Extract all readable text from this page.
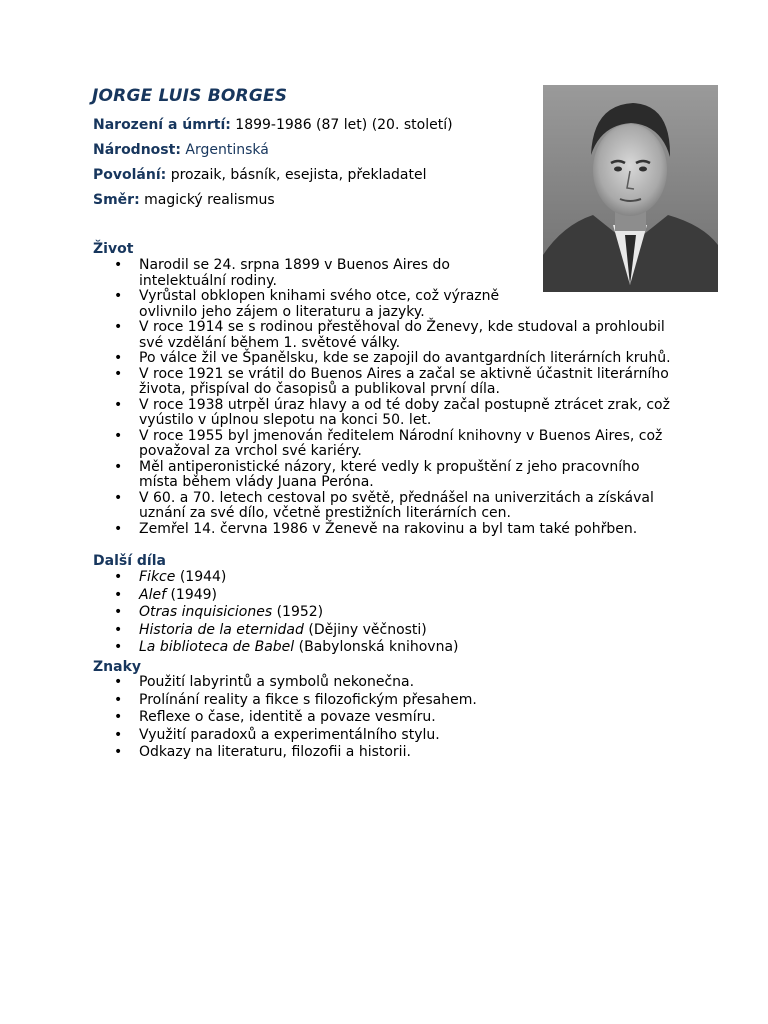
JORGE LUIS BORGES
Narození a úmrtí: 1899-1986 (87 let) (20. století)
Národnost: Argentinská
Povolání: prozaik, básník, esejista, překladatel
Směr: magický realismus
Život
• Narodil se 24. srpna 1899 v Buenos Aires do intelektuální rodiny.
• Vyrůstal obklopen knihami svého otce, což výrazně ovlivnilo jeho zájem o literaturu a jazyky.
• V roce 1914 se s rodinou přestěhoval do Ženevy, kde studoval a prohloubil své vzdělání během 1. světové války.
• Po válce žil ve Španělsku, kde se zapojil do avantgardních literárních kruhů.
• V roce 1921 se vrátil do Buenos Aires a začal se aktivně účastnit literárního života, přispíval do časopisů a publikoval první díla.
• V roce 1938 utrpěl úraz hlavy a od té doby začal postupně ztrácet zrak, což vyústilo v úplnou slepotu na konci 50. let.
• V roce 1955 byl jmenován ředitelem Národní knihovny v Buenos Aires, což považoval za vrchol své kariéry.
• Měl antiperonistické názory, které vedly k propuštění z jeho pracovního místa během vlády Juana Peróna.
• V 60. a 70. letech cestoval po světě, přednášel na univerzitách a získával uznání za své dílo, včetně prestižních literárních cen.
• Zemřel 14. června 1986 v Ženevě na rakovinu a byl tam také pohřben.
Další díla
• Fikce (1944)
• Alef (1949)
• Otras inquisiciones (1952)
• Historia de la eternidad (Dějiny věčnosti)
• La biblioteca de Babel (Babylonská knihovna)
Znaky
• Použití labyrintů a symbolů nekonečna.
• Prolínání reality a fikce s filozofickým přesahem.
• Reflexe o čase, identitě a povaze vesmíru.
• Využití paradoxů a experimentálního stylu.
• Odkazy na literaturu, filozofii a historii.
